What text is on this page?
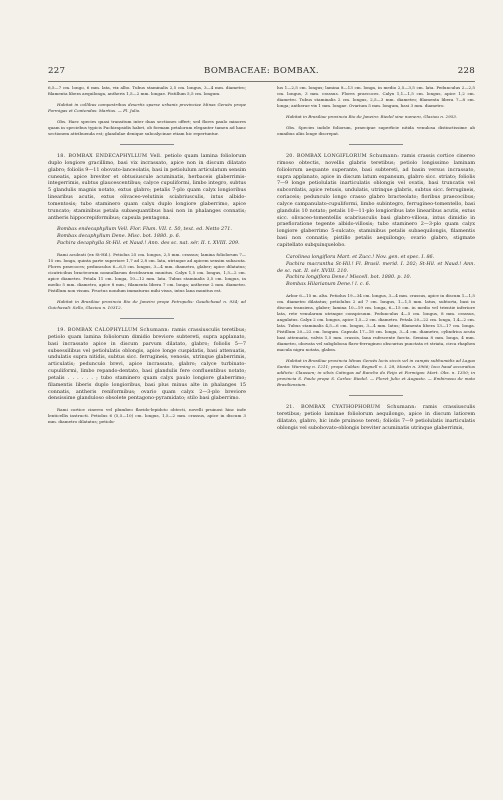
227	BOMBACEAE: BOMBAX.	228

6,5—7 cm. longo, 6 mm. lata, vix albo. Tubus staminalis 2,5 cm. longus, 3—4 mm. diametro; filamenta libera aequilonga, antheris 1,5—2 mm. longae. Pistillum 5,5 cm. longum.

Habitat in collibus campestribus desertis sparse urbanis provinciae Minas Geraës prope Formigas et Contendas: Martius. — Fl. Julio.

Obs. Haec species quasi transitum inter duas sectiones offert; sed flores paulo minores quam in speciebus typicis Pachirapsidis habet, ob formam petalorum eleganter tamen ad hanc sectionem attribuenda est; glandulae denique subcalycinae etiam hic repertuntur.

18. BOMBAX ENDECAPHYLLUM Vell. petiolo quam lamina foliolorum duplo longiore gracillimo, basi vix incrassato, apice non in discum dilatato glabro; foliolis 9—11 obovato-lanceolatis, basi in petiolulum articulatum sensim cuneatis, apice breviter et obtusiuscule acuminatis, herbaceis glaberrimis-integerrimis, subtus glaucescentibus; calyce cupuliformi, limbo integro, subtus 5 glandulis magnis notato, extus glabro; petalis 7-plo quam calyx longioribus linearibus acutis, extus olivaceo-velutinis sciabriusculis, intus albido-tomentosis; tubo staminero quam calyx duplo longiore glaberrimo, apice truncato; staminibus petala subaequantibus basi non in phalanges connatis; antheris hippocrepiformibus; capsula pentagona.

Bombax endecaphyllum Vell. Flor. Flum. VII. t. 50, text. ed. Netto 271.

Bombax decaphyllum Dene. Misc. bot. 1880. p. 6.

Pachira decaphylla St-Hil. et Naud.! Ann. des sc. nat. sér. II. t. XVIII. 209.

Rami aculeati (ex St-Hil.). Petiolus 25 cm. longus, 2,5 mm. crassus; lamina foliolorum 7—15 cm. longa, quinta parte superiore 1,7 ad 2,8 cm. lata, utrinque ad apicem sensim subacuta. Flores praecoces; pedunculus 6—6,5 cm. longus, 3—4 mm. diametro, glaber; apice dilatatus; cicatricibus bracteorum nonnullarum decidearum munitus. Calyx 1,5 cm. longus, 1,5—2 cm. apice diametro. Petala 11 cm. longa, 10—12 mm. lata. Tubus staminalis 3,5 cm. longus, in medio 5 mm. diametro, apice 8 mm.; filamenta libera 7 cm. longa; antherae 2 mm. diametro. Pistillum non visum. Fructus nondum immaturus mihi visus, intus lana munitus est.

Habitat in Brasiliae provincia Rio de Janeiro prope Petropolis: Gaudichaud n. 934; ad Guichavali: Sello, Glaziou n. 10312.

19. BOMBAX CALOPHYLLUM Schumann: ramis crassiusculis teretibus; petiolo quam lamina foliolorum dimidio breviore subtereti, supra applanato, basi incrassato apice in discum parvum dilatato, glabro; foliolis 5—7 subsessilibus vel petiolulatis oblongis, apice longe cuspidatis, basi attenuatis, undulatis supra nitidis, subtus sicc. ferrugineis, venosis, utrinque glaberrimis, articulatis; pedunculo brevi, apice incrassato, glabro; calyce turbinato-cupuliformi, limbo repando-dentato, basi glandulis fere confluentibus notato; petalis . . . . . . ; tubo staminero quam calyx paulo longiore glaberrimo; filamentis liberis duplo longioribus, basi plus minus alte in phalanges 15 connatis, antheris reniformibus; ovario quam calyx 2—3-plo breviore densissime glanduloso obsolete pentagono-pyramidato; stilo basi glaberrimo.

Rami cortice cinereo vel plumbeo flavido-lepidoto obtecti, novelli pruinosi hinc inde lenticellis instructi. Petiolus 6 (5,5—10) cm. longus, 1,5—2 mm. crassus, apice in discum 3 mm. diametro dilatatus; petiolu-

lus 1—2,5 cm. longus; lamina 8—13 cm. longa, in medio 2,5—3,5 cm. lata. Pedunculus 2—2,5 cm. longus, 3 mm. crassus. Flores praecoces. Calyx 1,1—1,5 cm. longus, apice 1,2 cm. diametro. Tubus staminalis 2 cm. longus, 2,5—3 mm. diametro; filamenta libera 7—8 cm. longa; antherae vix 1 mm. longae. Ovarium 5 mm. longum, basi 3 mm. diametro.

Habitat in Brasiliae provincia Rio de Janeiro: Riedel sine numero, Glaziou n. 2953.

Obs. Species indole foliorum, praecipue superficie nitida venulosa distinctissime ab omnibus aliis longe discrepat.

20. BOMBAX LONGIFLORUM Schumann: ramis crassis cortice cinereo rimoso obtectis, novellis glabris teretibus; petiolo longissimo laminam foliolorum aequante superante, basi subtereti, ad basin versus incrassato, supra applanato, apice in discum latum expansum, glabro sicc. striato; foliolis 7—9 longe petiolulatis inarticulatis oblongis vel ovatis, basi truncatis vel subcordatis, apice retusis, undulatis, utrinque glabris, subtus sicc. ferrugineis, coriaceis; pedunculo longo crasso glabro bracteolato; floribus praecocibus; calyce campanulato-cupuliformi, limbo subintegro, ferrugineo-tomentello, basi glandulis 10 notato; petalis 10—11-plo longioribus late linearibus acutis, extus sicc. olivaceo-tomentellis scabriusculis basi glabro-villosa, intus dimidio in praefloratione tegente albido-villosis; tubo staminero 2—3-plo quam calyx longiore glaberrimo 5-sulcato; staminibus petalis subaequilongis, filamentis basi non connatis; pistillo petalis aequilongo; ovario glabro, stigmate capitellato subquinquelobo.

Carolinea longiflora Mart. et Zucc.! Nov. gen. et spec. I. 86.

Pachira macrantha St-Hil.! Fl. Brasil. merid. I. 202; St-Hil. et Naud.! Ann. de sc. nat. II. sér. XVIII. 210.

Pachira longiflora Dene.! Miscell. bot. 1880. p. 10.

Bombax Hilarianum Dene.! l. c. 6.

Arbor 6—15 m. alta. Petiolus 19—34 cm. longus, 3—4 mm. crassus, apice in discum 1—1,5 cm. diametro dilatatus; petiolulus 2 ad 7 cm. longus, 1—1,5 mm. latus, subtorta, basi in discum transiens, glaber; lamina 10—19 cm. longa, 6—15 cm. in medio vel trientie inferiore lata, rete venularum utrinque conspicuum. Pedunculus 4—5 cm. longus, 8 mm. crassus, angulatus. Calyx 2 cm. longus, apice 1,5—2 cm. diametro. Petala 20—22 cm. longa, 1,4—2 cm. lata. Tubus staminalis 4,5—6 cm. longus, 3—4 mm. latus; filamenta libera 13—17 cm. longa. Pistillum 20—22 cm. longum. Capsula 17—18 cm. longa, 3—4 cm. diametro, cylindrica acuta basi attenuata, valvis 1,5 mm. crassis, lana rufescente farcta. Semina 8 mm. longa, 4 mm. diametro, obovata vel subglobosa flavo-ferrugineo obscurius punctata et striata, circa rhaphen macula nigra notata, glabra.

Habitat in Brasiliae provincia Minas Geraës locis siccis vel in campis subhumidis ad Lagoa Santa: Warming n. 1211; prope Caldas: Regnell n. I. 28, Mosén n. 3966; loco haud accuratius addicto: Claussen; in silvis Catingas ad Rancho do Feijo et Formigas: Mart. Obs. n. 1350; in provincia S. Paulo prope S. Carlos: Riedel. — Floret Julio et Augusto. — Embirussu de mato Brasiliensium.

21. BOMBAX CYATHOPHORUM Schumann: ramis crassiusculis teretibus; petiolo laminae foliolorum aequilongo, apice in discum latiorem dilatato, glabro, hic inde pruinoso tereti; foliolis 7—9 petiolulatis inarticulatis oblongis vel subobovato-oblongis breviter acuminatis utrinque glaberrimis,
